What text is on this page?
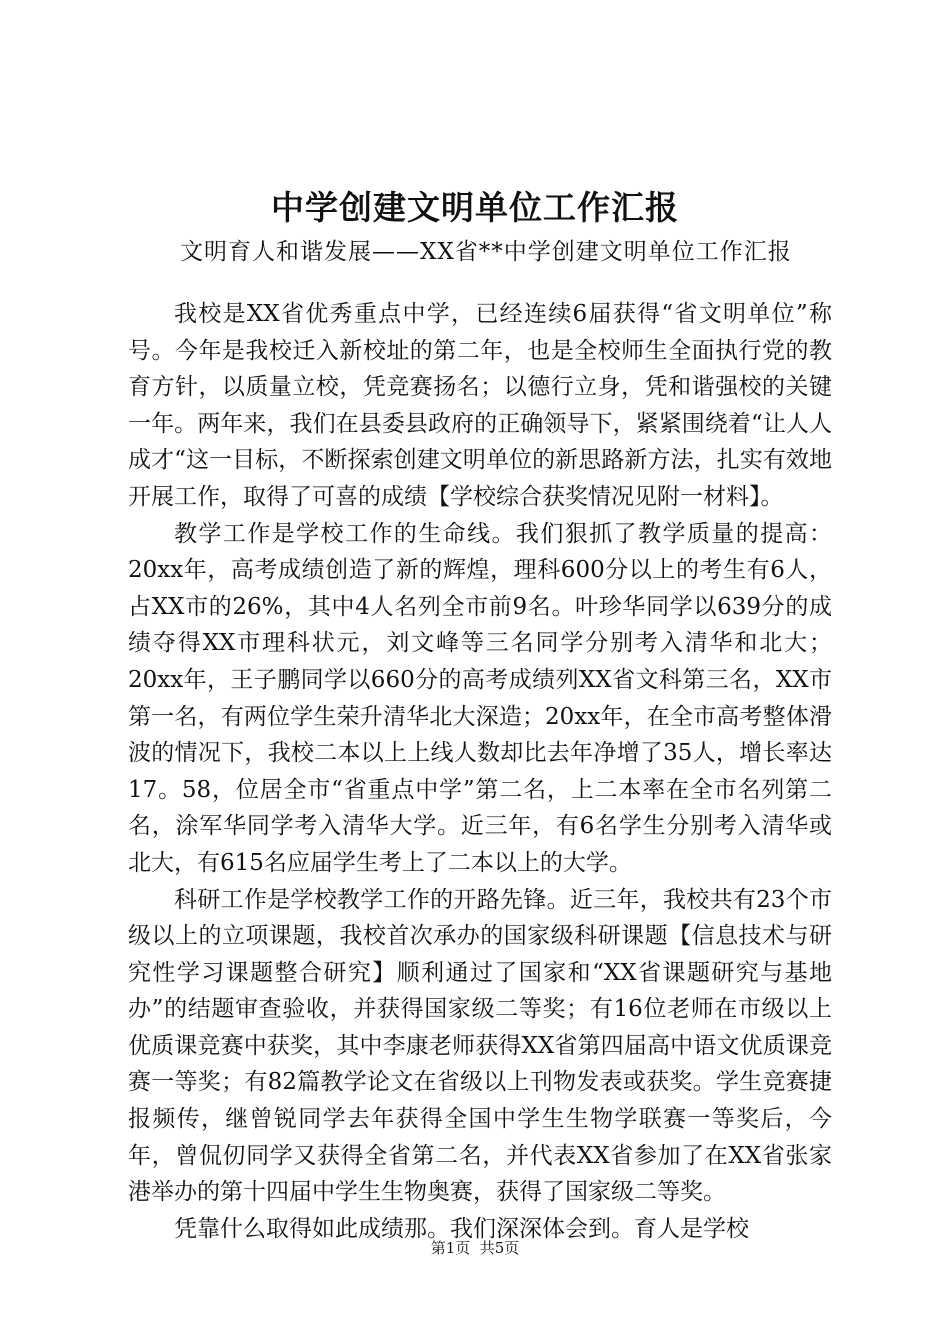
中学创建文明单位工作汇报
文明育人和谐发展——XX省**中学创建文明单位工作汇报

我校是XX省优秀重点中学，已经连续6届获得“省文明单位”称号。今年是我校迁入新校址的第二年，也是全校师生全面执行党的教育方针，以质量立校，凭竞赛扬名；以德行立身，凭和谐强校的关键一年。两年来，我们在县委县政府的正确领导下，紧紧围绕着“让人人成才“这一目标，不断探索创建文明单位的新思路新方法，扎实有效地开展工作，取得了可喜的成绩【学校综合获奖情况见附一材料】。

教学工作是学校工作的生命线。我们狠抓了教学质量的提高：20xx年，高考成绩创造了新的辉煌，理科600分以上的考生有6人，占XX市的26%，其中4人名列全市前9名。叶珍华同学以639分的成绩夺得XX市理科状元，刘文峰等三名同学分别考入清华和北大；20xx年，王子鹏同学以660分的高考成绩列XX省文科第三名，XX市第一名，有两位学生荣升清华北大深造；20xx年，在全市高考整体滑波的情况下，我校二本以上上线人数却比去年净增了35人，增长率达17。58，位居全市“省重点中学”第二名，上二本率在全市名列第二名，涂军华同学考入清华大学。近三年，有6名学生分别考入清华或北大，有615名应届学生考上了二本以上的大学。

科研工作是学校教学工作的开路先锋。近三年，我校共有23个市级以上的立项课题，我校首次承办的国家级科研课题【信息技术与研究性学习课题整合研究】顺利通过了国家和“XX省课题研究与基地办”的结题审查验收，并获得国家级二等奖；有16位老师在市级以上优质课竞赛中获奖，其中李康老师获得XX省第四届高中语文优质课竞赛一等奖；有82篇教学论文在省级以上刊物发表或获奖。学生竞赛捷报频传，继曾锐同学去年获得全国中学生生物学联赛一等奖后，今年，曾侃仞同学又获得全省第二名，并代表XX省参加了在XX省张家港举办的第十四届中学生生物奥赛，获得了国家级二等奖。

凭靠什么取得如此成绩那。我们深深体会到。育人是学校

第1页  共5页
